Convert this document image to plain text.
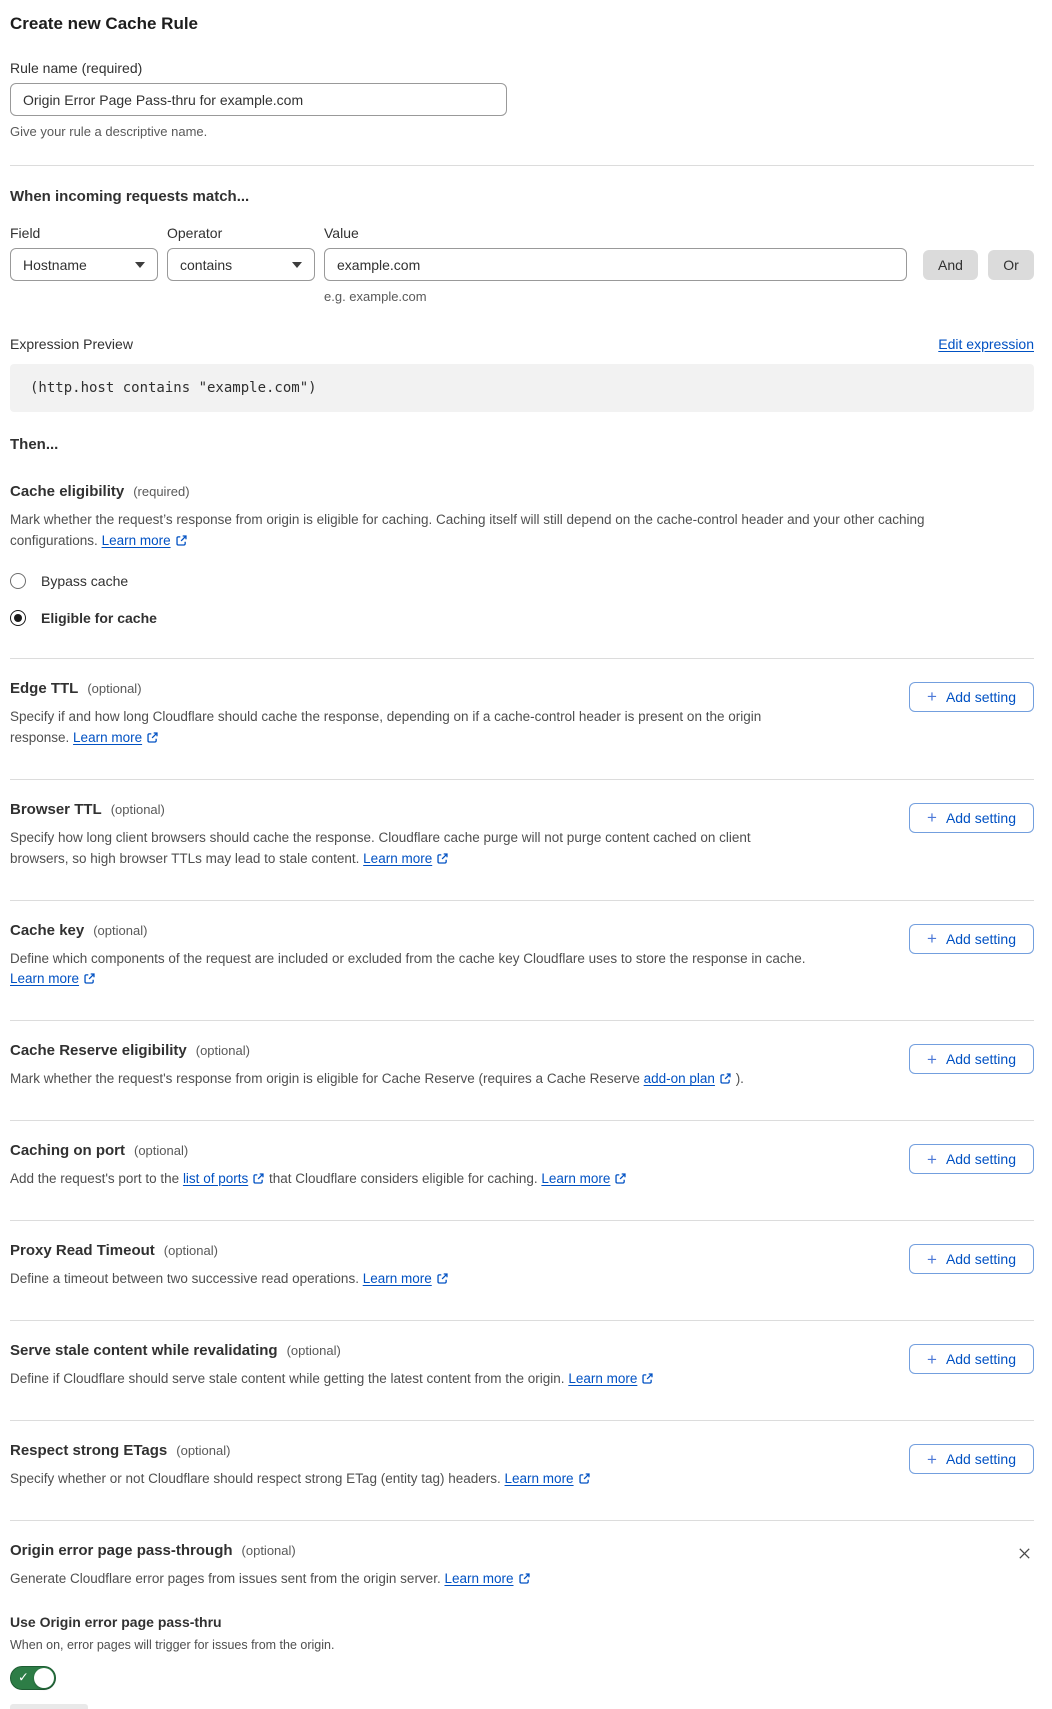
Create new Cache Rule
Rule name (required)
Origin Error Page Pass-thru for example.com
Give your rule a descriptive name.
When incoming requests match...
Field
Hostname
Operator
contains
Value
example.com
e.g. example.com
And	Or
Expression Preview	Edit expression
(http.host contains "example.com")
Then...
Cache eligibility (required)

Mark whether the request’s response from origin is eligible for caching. Caching itself will still depend on the cache-control header and your other caching configurations. Learn more

Bypass cache
Eligible for cache
Edge TTL (optional)

Specify if and how long Cloudflare should cache the response, depending on if a cache-control header is present on the origin response. Learn more

+ Add setting
Browser TTL (optional)

Specify how long client browsers should cache the response. Cloudflare cache purge will not purge content cached on client browsers, so high browser TTLs may lead to stale content. Learn more

+ Add setting
Cache key (optional)

Define which components of the request are included or excluded from the cache key Cloudflare uses to store the response in cache. Learn more

+ Add setting
Cache Reserve eligibility (optional)

Mark whether the request's response from origin is eligible for Cache Reserve (requires a Cache Reserve add-on plan
).

+ Add setting
Caching on port (optional)

Add the request's port to the list of ports
that Cloudflare considers eligible for caching. Learn more

+ Add setting
Proxy Read Timeout (optional)

Define a timeout between two successive read operations. Learn more

+ Add setting
Serve stale content while revalidating (optional)

Define if Cloudflare should serve stale content while getting the latest content from the origin. Learn more

+ Add setting
Respect strong ETags (optional)

Specify whether or not Cloudflare should respect strong ETag (entity tag) headers. Learn more

+ Add setting
Origin error page pass-through (optional)

Generate Cloudflare error pages from issues sent from the origin server. Learn more

Use Origin error page pass-thru
When on, error pages will trigger for issues from the origin.
✓
